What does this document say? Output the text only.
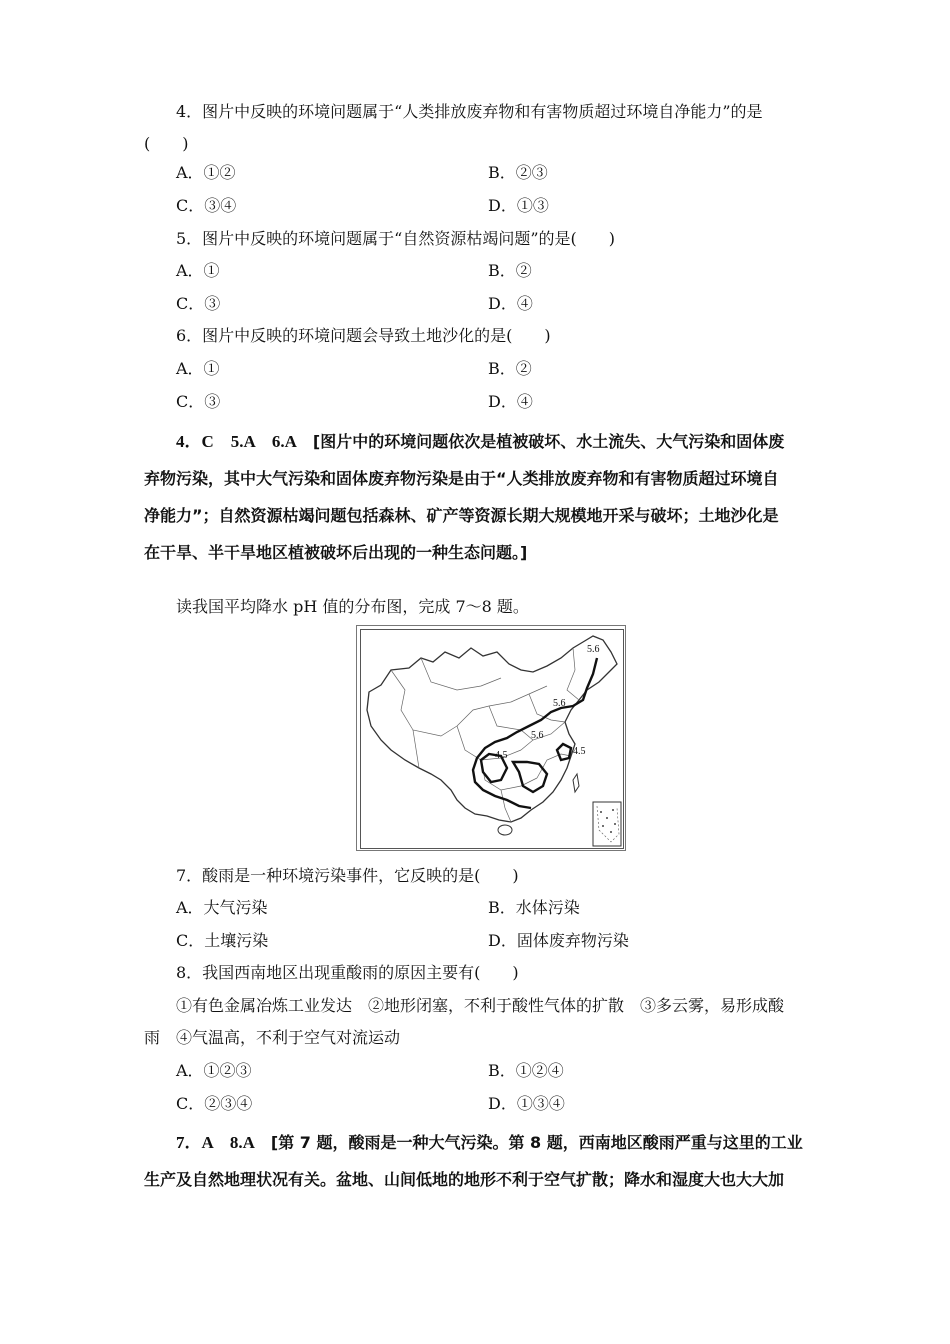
4．图片中反映的环境问题属于“人类排放废弃物和有害物质超过环境自净能力”的是
(　　)
A．①②	B．②③
C．③④	D．①③
5．图片中反映的环境问题属于“自然资源枯竭问题”的是(　　)
A．①	B．②
C．③	D．④
6．图片中反映的环境问题会导致土地沙化的是(　　)
A．①	B．②
C．③	D．④
4．C　5.A　6.A　 [图片中的环境问题依次是植被破坏、水土流失、大气污染和固体废
弃物污染，其中大气污染和固体废弃物污染是由于“人类排放废弃物和有害物质超过环境自
净能力”；自然资源枯竭问题包括森林、矿产等资源长期大规模地开采与破坏；土地沙化是
在干旱、半干旱地区植被破坏后出现的一种生态问题。]
读我国平均降水 pH 值的分布图，完成 7～8 题。
5.6
5.6
4.5	4.5
5.6
7．酸雨是一种环境污染事件，它反映的是(　　)
A．大气污染	B．水体污染
C．土壤污染	D．固体废弃物污染
8．我国西南地区出现重酸雨的原因主要有(　　)
①有色金属冶炼工业发达　②地形闭塞，不利于酸性气体的扩散　③多云雾，易形成酸
雨　④气温高，不利于空气对流运动
A．①②③	B．①②④
C．②③④	D．①③④
7．A　8.A　 [第 7 题，酸雨是一种大气污染。第 8 题，西南地区酸雨严重与这里的工业
生产及自然地理状况有关。盆地、山间低地的地形不利于空气扩散；降水和湿度大也大大加
